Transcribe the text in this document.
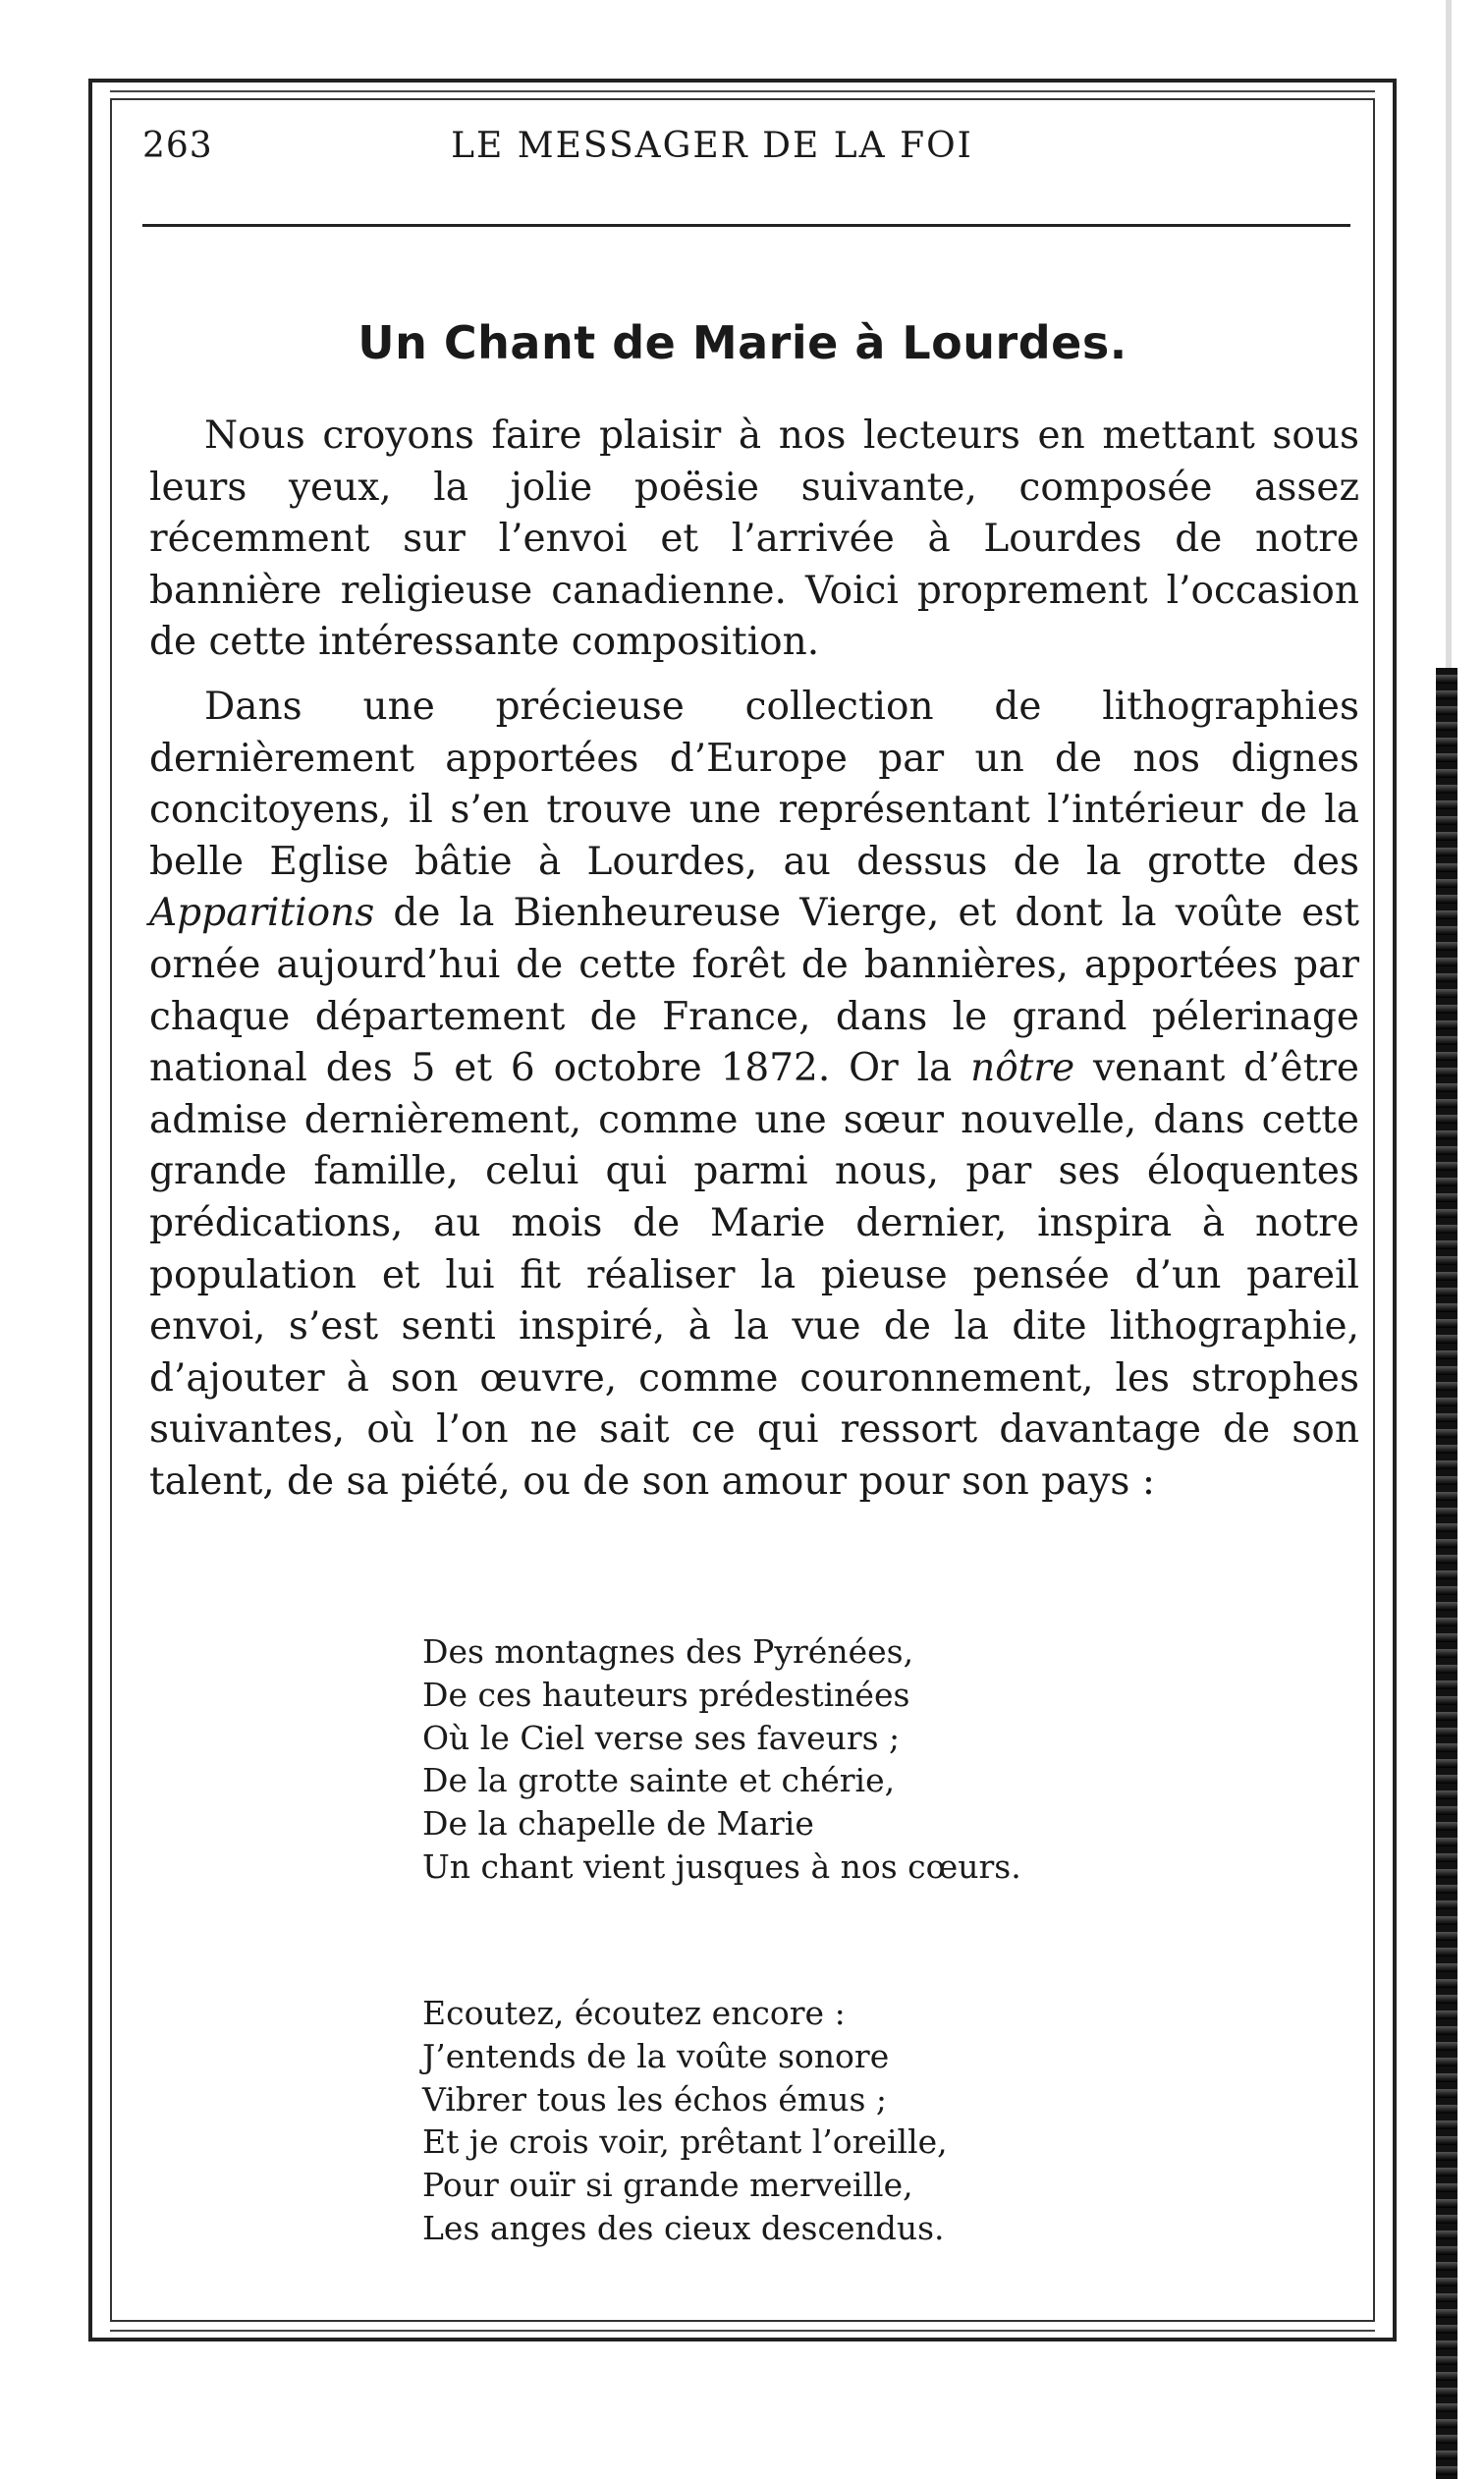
263	LE MESSAGER DE LA FOI
Un Chant de Marie à Lourdes.

Nous croyons faire plaisir à nos lecteurs en mettant sous leurs yeux, la jolie poësie suivante, composée assez récemment sur l’envoi et l’arrivée à Lourdes de notre bannière religieuse canadienne. Voici proprement l’occasion de cette intéressante composition.

Dans une précieuse collection de lithographies dernièrement apportées d’Europe par un de nos dignes concitoyens, il s’en trouve une représentant l’intérieur de la belle Eglise bâtie à Lourdes, au dessus de la grotte des Apparitions de la Bienheureuse Vierge, et dont la voûte est ornée aujourd’hui de cette forêt de bannières, apportées par chaque département de France, dans le grand pélerinage national des 5 et 6 octobre 1872. Or la nôtre venant d’être admise dernièrement, comme une sœur nouvelle, dans cette grande famille, celui qui parmi nous, par ses éloquentes prédications, au mois de Marie dernier, inspira à notre population et lui fit réaliser la pieuse pensée d’un pareil envoi, s’est senti inspiré, à la vue de la dite lithographie, d’ajouter à son œuvre, comme couronnement, les strophes suivantes, où l’on ne sait ce qui ressort davantage de son talent, de sa piété, ou de son amour pour son pays :

Des montagnes des Pyrénées,
De ces hauteurs prédestinées
Où le Ciel verse ses faveurs ;
De la grotte sainte et chérie,
De la chapelle de Marie
Un chant vient jusques à nos cœurs.
Ecoutez, écoutez encore :
J’entends de la voûte sonore
Vibrer tous les échos émus ;
Et je crois voir, prêtant l’oreille,
Pour ouïr si grande merveille,
Les anges des cieux descendus.
